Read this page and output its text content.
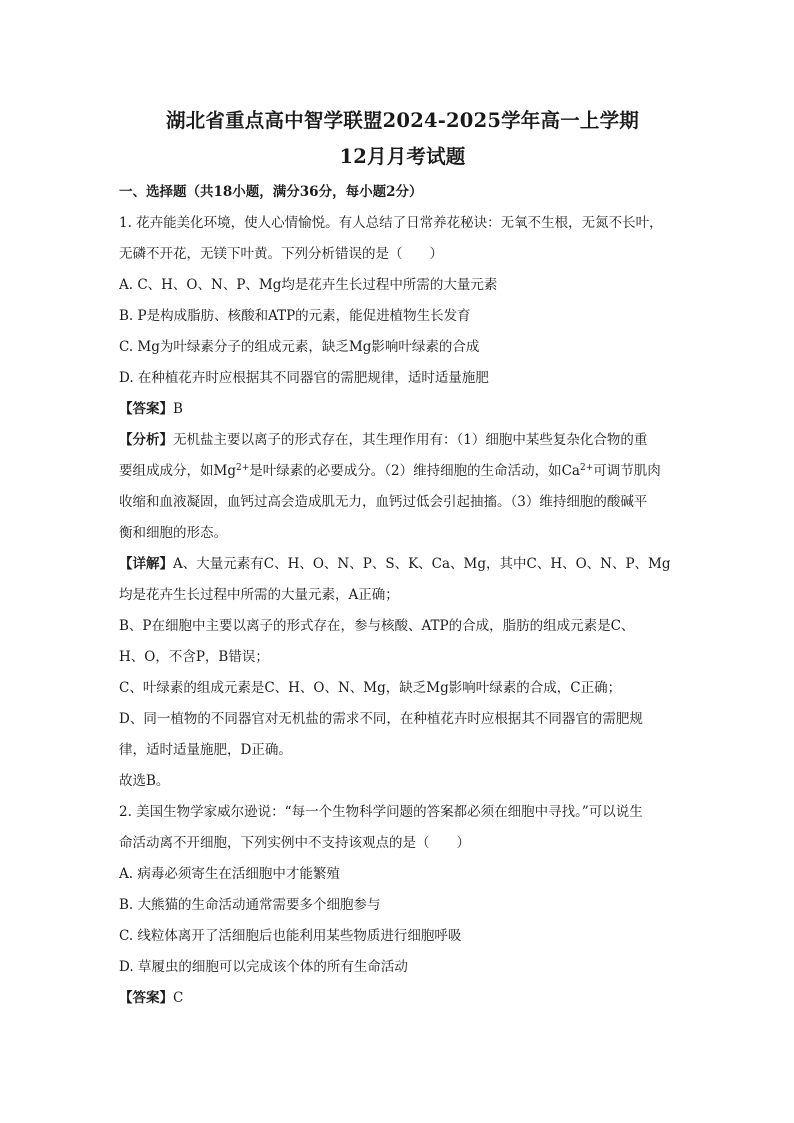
湖北省重点高中智学联盟2024-2025学年高一上学期
12月月考试题

一、选择题（共18小题，满分36分，每小题2分）

1. 花卉能美化环境，使人心情愉悦。有人总结了日常养花秘诀：无氧不生根，无氮不长叶，

无磷不开花，无镁下叶黄。下列分析错误的是（　　）

A. C、H、O、N、P、Mg均是花卉生长过程中所需的大量元素

B. P是构成脂肪、核酸和ATP的元素，能促进植物生长发育

C. Mg为叶绿素分子的组成元素，缺乏Mg影响叶绿素的合成

D. 在种植花卉时应根据其不同器官的需肥规律，适时适量施肥

【答案】B

【分析】无机盐主要以离子的形式存在，其生理作用有：（1）细胞中某些复杂化合物的重

要组成成分，如$Mg^{2+}$是叶绿素的必要成分。（2）维持细胞的生命活动，如$Ca^{2+}$可调节肌肉

收缩和血液凝固，血钙过高会造成肌无力，血钙过低会引起抽搐。（3）维持细胞的酸碱平

衡和细胞的形态。

【详解】A、大量元素有C、H、O、N、P、S、K、Ca、Mg，其中C、H、O、N、P、Mg

均是花卉生长过程中所需的大量元素，A正确；

B、P在细胞中主要以离子的形式存在，参与核酸、ATP的合成，脂肪的组成元素是C、

H、O，不含P，B错误；

C、叶绿素的组成元素是C、H、O、N、Mg，缺乏Mg影响叶绿素的合成，C正确；

D、同一植物的不同器官对无机盐的需求不同，在种植花卉时应根据其不同器官的需肥规

律，适时适量施肥，D正确。

故选B。

2. 美国生物学家威尔逊说：“每一个生物科学问题的答案都必须在细胞中寻找。”可以说生

命活动离不开细胞，下列实例中不支持该观点的是（　　）

A. 病毒必须寄生在活细胞中才能繁殖

B. 大熊猫的生命活动通常需要多个细胞参与

C. 线粒体离开了活细胞后也能利用某些物质进行细胞呼吸

D. 草履虫的细胞可以完成该个体的所有生命活动

【答案】C
